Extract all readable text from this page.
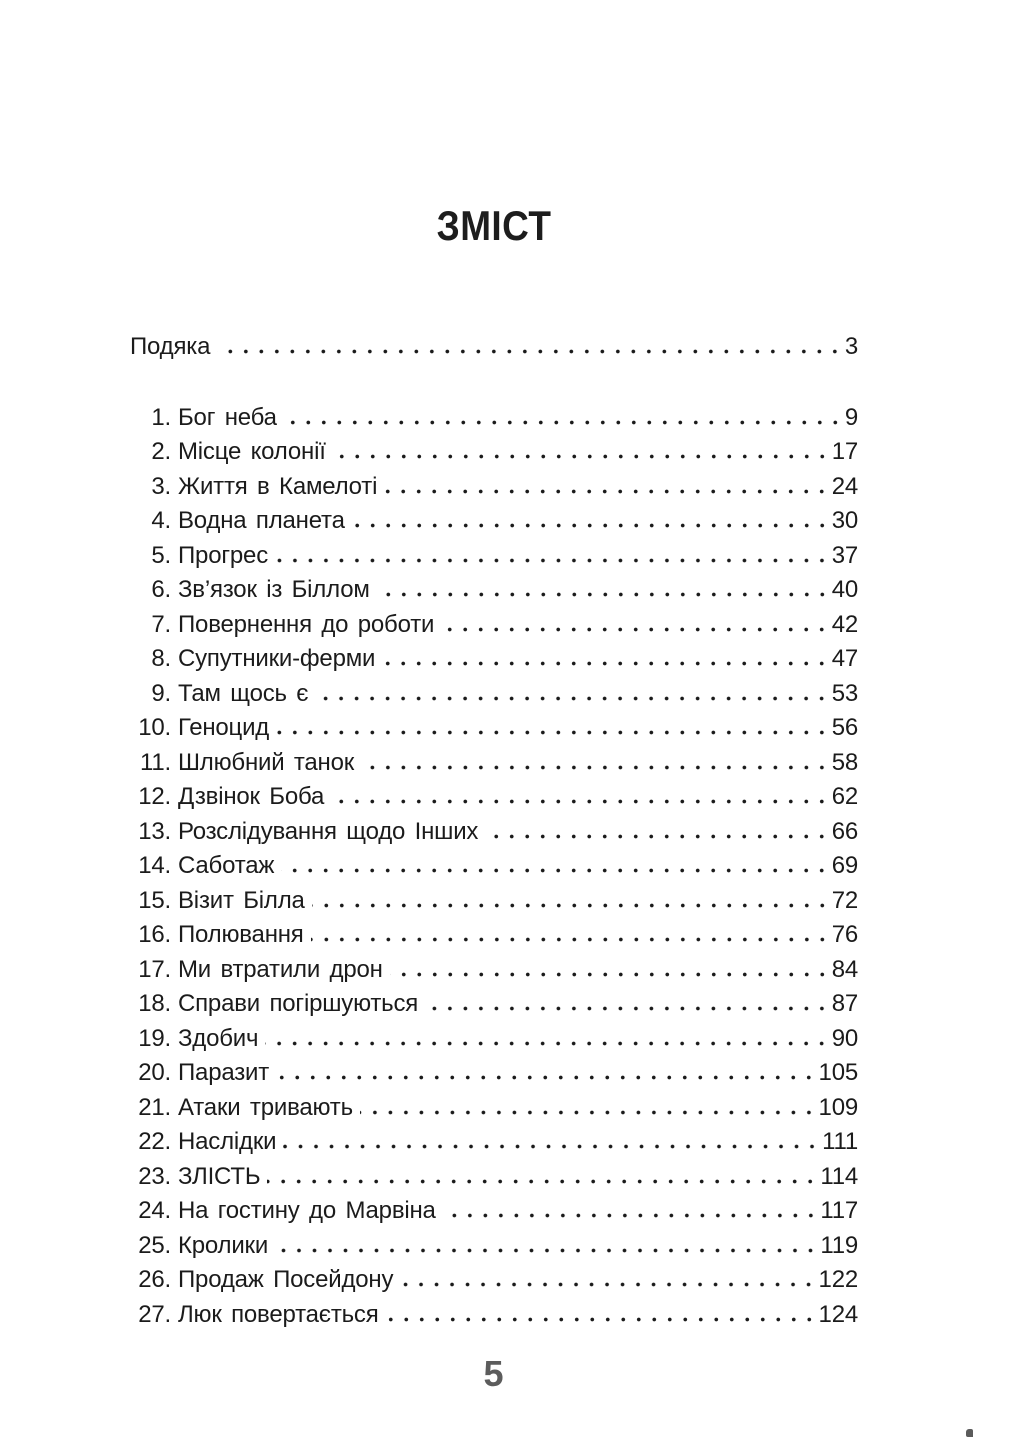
ЗМІСТ
Подяка	3
1. Бог неба	9
2. Місце колонії	17
3. Життя в Камелоті	24
4. Водна планета	30
5. Прогрес	37
6. Зв’язок із Біллом	40
7. Повернення до роботи	42
8. Супутники-ферми	47
9. Там щось є	53
10. Геноцид	56
11. Шлюбний танок	58
12. Дзвінок Боба	62
13. Розслідування щодо Інших	66
14. Саботаж	69
15. Візит Білла	72
16. Полювання	76
17. Ми втратили дрон	84
18. Справи погіршуються	87
19. Здобич	90
20. Паразит	105
21. Атаки тривають	109
22. Наслідки	111
23. ЗЛІСТЬ	114
24. На гостину до Марвіна	117
25. Кролики	119
26. Продаж Посейдону	122
27. Люк повертається	124
5
